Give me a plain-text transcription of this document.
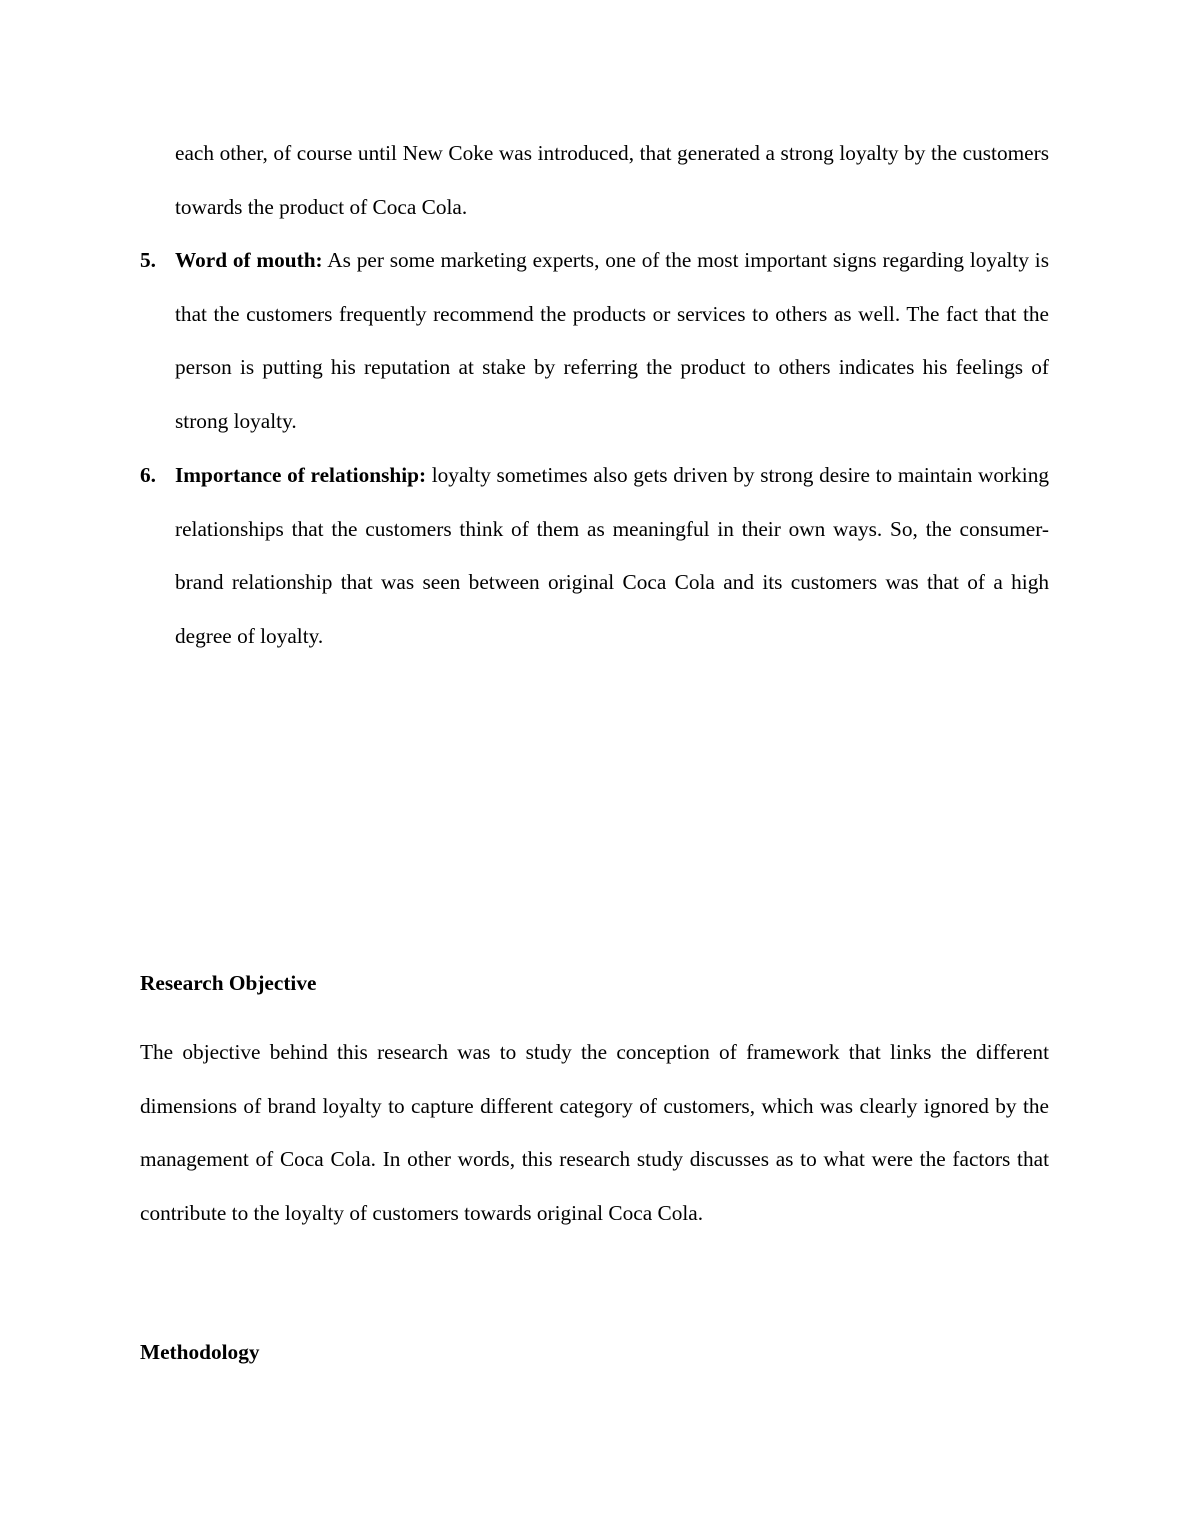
each other, of course until New Coke was introduced, that generated a strong loyalty by the customers towards the product of Coca Cola.

5. Word of mouth: As per some marketing experts, one of the most important signs regarding loyalty is that the customers frequently recommend the products or services to others as well. The fact that the person is putting his reputation at stake by referring the product to others indicates his feelings of strong loyalty.

6. Importance of relationship: loyalty sometimes also gets driven by strong desire to maintain working relationships that the customers think of them as meaningful in their own ways. So, the consumer-brand relationship that was seen between original Coca Cola and its customers was that of a high degree of loyalty.

Research Objective

The objective behind this research was to study the conception of framework that links the different dimensions of brand loyalty to capture different category of customers, which was clearly ignored by the management of Coca Cola. In other words, this research study discusses as to what were the factors that contribute to the loyalty of customers towards original Coca Cola.

Methodology
